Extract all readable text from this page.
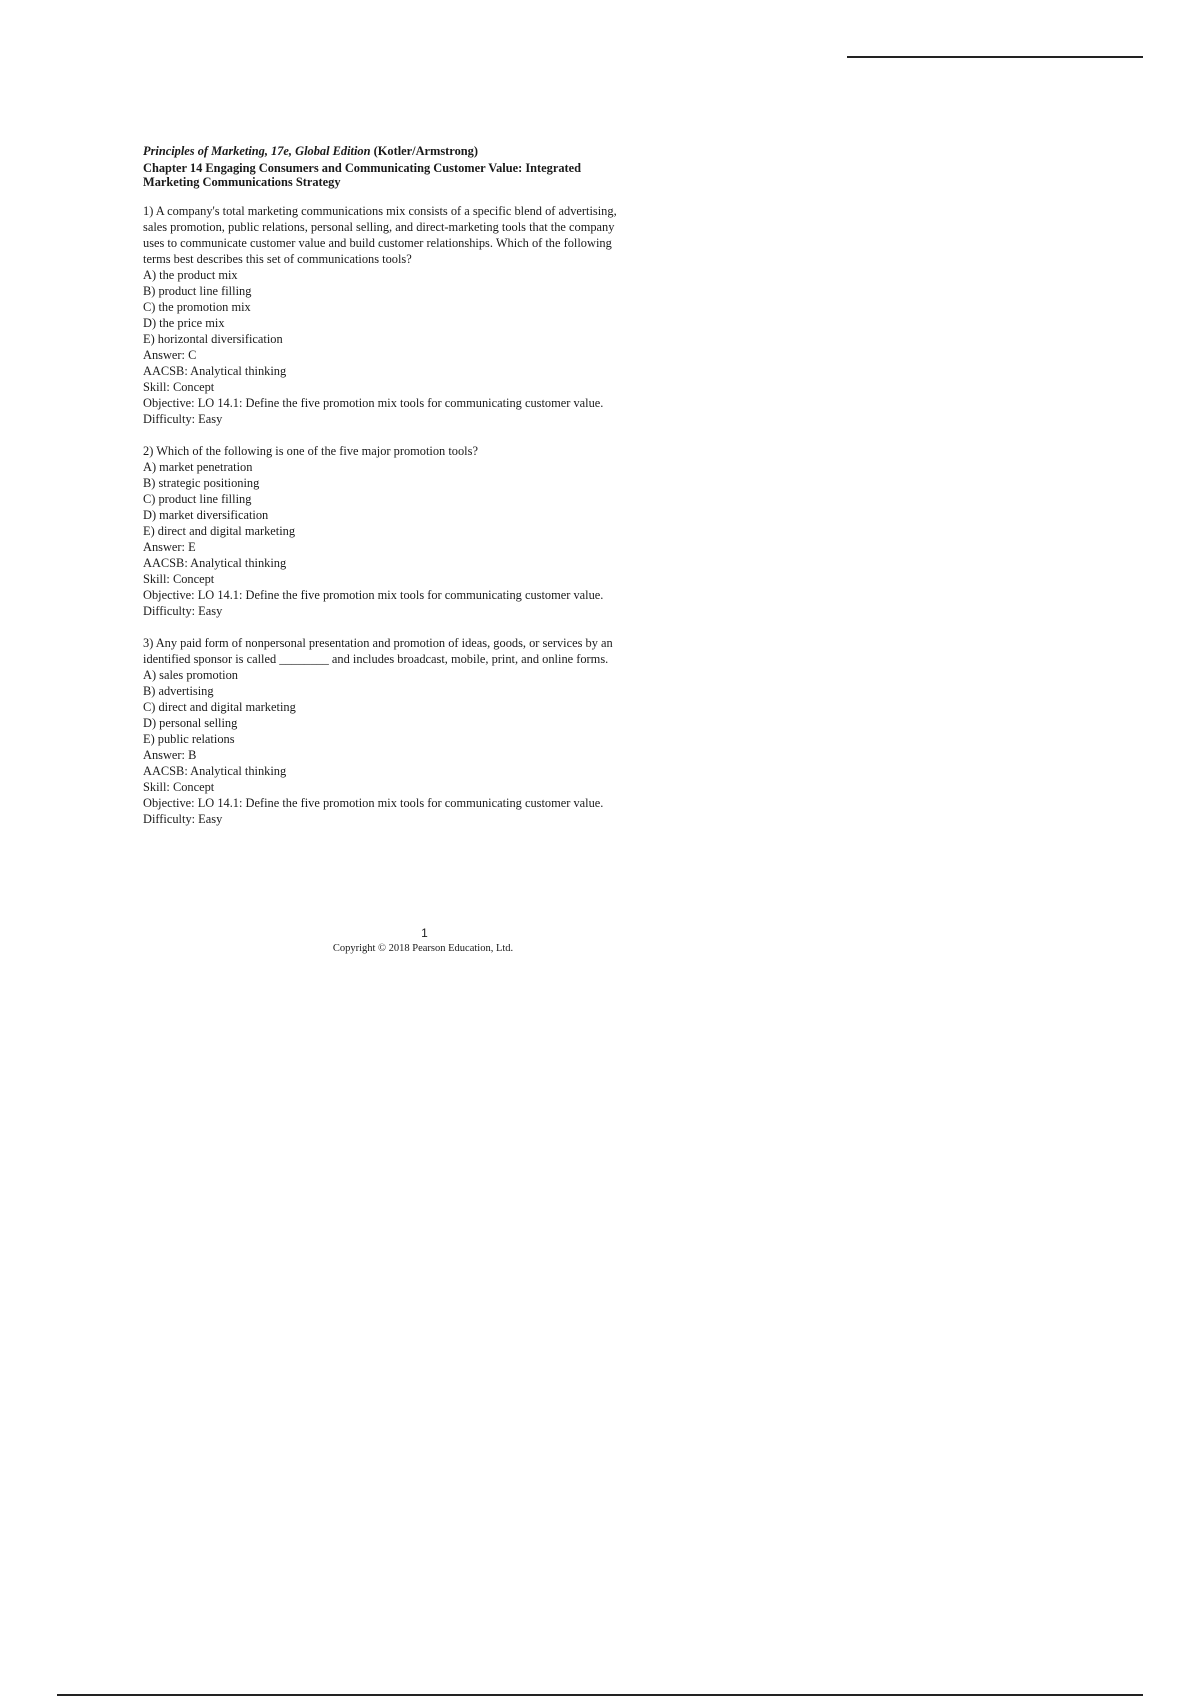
Principles of Marketing, 17e, Global Edition (Kotler/Armstrong)

Chapter 14 Engaging Consumers and Communicating Customer Value: Integrated
Marketing Communications Strategy

1) A company's total marketing communications mix consists of a specific blend of advertising,
sales promotion, public relations, personal selling, and direct-marketing tools that the company
uses to communicate customer value and build customer relationships. Which of the following
terms best describes this set of communications tools?

A) the product mix
B) product line filling
C) the promotion mix
D) the price mix
E) horizontal diversification
Answer: C
AACSB: Analytical thinking
Skill: Concept
Objective: LO 14.1: Define the five promotion mix tools for communicating customer value.
Difficulty: Easy

2) Which of the following is one of the five major promotion tools?

A) market penetration
B) strategic positioning
C) product line filling
D) market diversification
E) direct and digital marketing
Answer: E
AACSB: Analytical thinking
Skill: Concept
Objective: LO 14.1: Define the five promotion mix tools for communicating customer value.
Difficulty: Easy

3) Any paid form of nonpersonal presentation and promotion of ideas, goods, or services by an
identified sponsor is called ________ and includes broadcast, mobile, print, and online forms.

A) sales promotion
B) advertising
C) direct and digital marketing
D) personal selling
E) public relations
Answer: B
AACSB: Analytical thinking
Skill: Concept
Objective: LO 14.1: Define the five promotion mix tools for communicating customer value.
Difficulty: Easy
1
Copyright © 2018 Pearson Education, Ltd.
